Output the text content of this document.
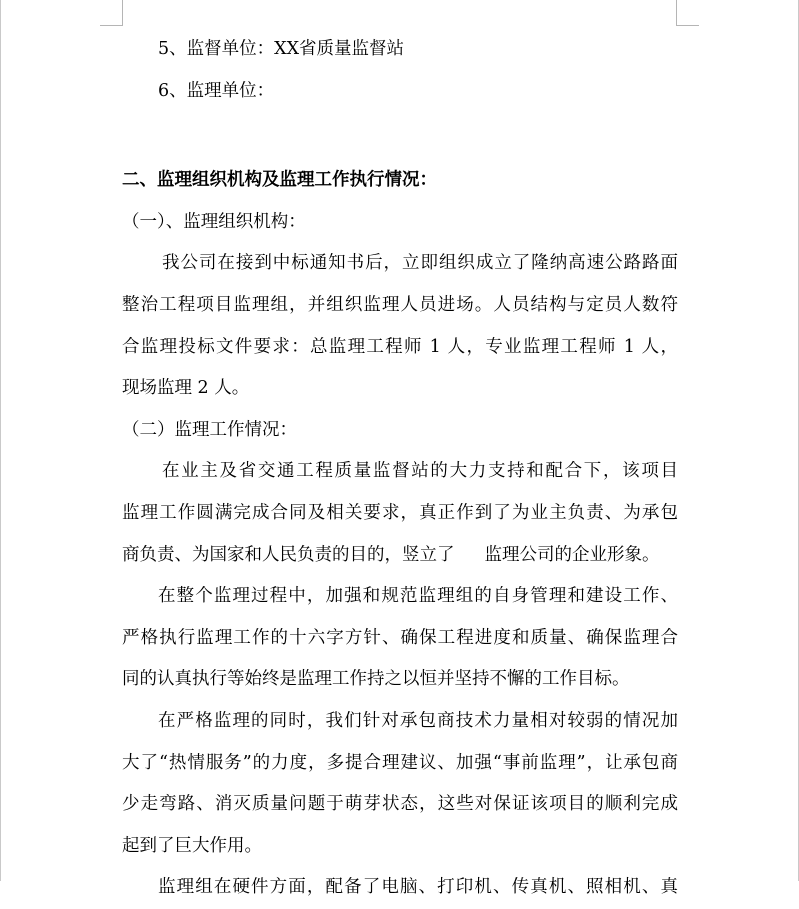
5、监督单位：XX省质量监督站
6、监理单位：
二、监理组织机构及监理工作执行情况：
（一）、监理组织机构：
我公司在接到中标通知书后，立即组织成立了隆纳高速公路路面
整治工程项目监理组，并组织监理人员进场。人员结构与定员人数符
合监理投标文件要求：总监理工程师 1 人，专业监理工程师 1 人，
现场监理 2 人。
（二）监理工作情况：
在业主及省交通工程质量监督站的大力支持和配合下，该项目
监理工作圆满完成合同及相关要求，真正作到了为业主负责、为承包
商负责、为国家和人民负责的目的，竖立了 监理公司的企业形象。
在整个监理过程中，加强和规范监理组的自身管理和建设工作、
严格执行监理工作的十六字方针、确保工程进度和质量、确保监理合
同的认真执行等始终是监理工作持之以恒并坚持不懈的工作目标。
在严格监理的同时，我们针对承包商技术力量相对较弱的情况加
大了“热情服务”的力度，多提合理建议、加强“事前监理”，让承包商
少走弯路、消灭质量问题于萌芽状态，这些对保证该项目的顺利完成
起到了巨大作用。
监理组在硬件方面，配备了电脑、打印机、传真机、照相机、真
